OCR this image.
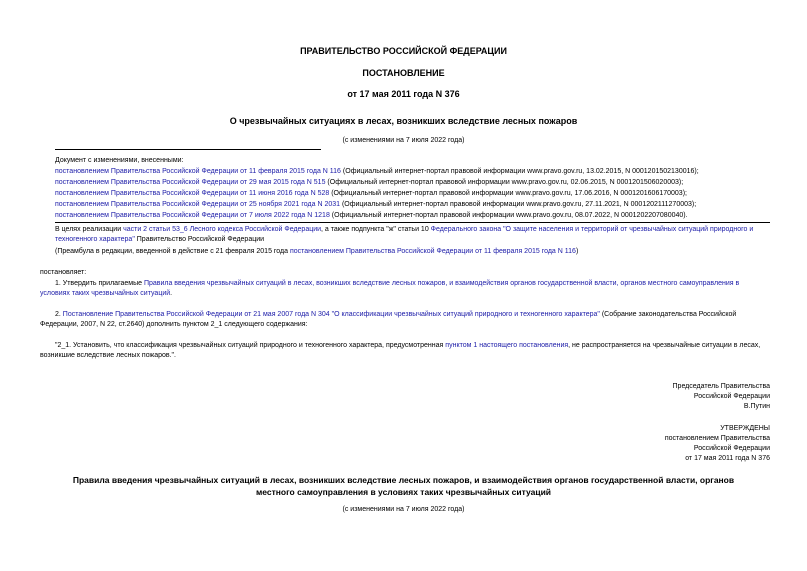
ПРАВИТЕЛЬСТВО РОССИЙСКОЙ ФЕДЕРАЦИИ
ПОСТАНОВЛЕНИЕ
от 17 мая 2011 года N 376
О чрезвычайных ситуациях в лесах, возникших вследствие лесных пожаров
(с изменениями на 7 июля 2022 года)
Документ с изменениями, внесенными:
постановлением Правительства Российской Федерации от 11 февраля 2015 года N 116 (Официальный интернет-портал правовой информации www.pravo.gov.ru, 13.02.2015, N 0001201502130016);
постановлением Правительства Российской Федерации от 29 мая 2015 года N 515 (Официальный интернет-портал правовой информации www.pravo.gov.ru, 02.06.2015, N 0001201506020003);
постановлением Правительства Российской Федерации от 11 июня 2016 года N 528 (Официальный интернет-портал правовой информации www.pravo.gov.ru, 17.06.2016, N 0001201606170003);
постановлением Правительства Российской Федерации от 25 ноября 2021 года N 2031 (Официальный интернет-портал правовой информации www.pravo.gov.ru, 27.11.2021, N 0001202111270003);
постановлением Правительства Российской Федерации от 7 июля 2022 года N 1218 (Официальный интернет-портал правовой информации www.pravo.gov.ru, 08.07.2022, N 0001202207080040).
В целях реализации части 2 статьи 53_6 Лесного кодекса Российской Федерации, а также подпункта "ж" статьи 10 Федерального закона "О защите населения и территорий от чрезвычайных ситуаций природного и техногенного характера" Правительство Российской Федерации
(Преамбула в редакции, введенной в действие с 21 февраля 2015 года постановлением Правительства Российской Федерации от 11 февраля 2015 года N 116)
постановляет:
1. Утвердить прилагаемые Правила введения чрезвычайных ситуаций в лесах, возникших вследствие лесных пожаров, и взаимодействия органов государственной власти, органов местного самоуправления в условиях таких чрезвычайных ситуаций.
2. Постановление Правительства Российской Федерации от 21 мая 2007 года N 304 "О классификации чрезвычайных ситуаций природного и техногенного характера" (Собрание законодательства Российской Федерации, 2007, N 22, ст.2640) дополнить пунктом 2_1 следующего содержания:
"2_1. Установить, что классификация чрезвычайных ситуаций природного и техногенного характера, предусмотренная пунктом 1 настоящего постановления, не распространяется на чрезвычайные ситуации в лесах, возникшие вследствие лесных пожаров.".
Председатель Правительства
Российской Федерации
В.Путин
УТВЕРЖДЕНЫ
постановлением Правительства
Российской Федерации
от 17 мая 2011 года N 376
Правила введения чрезвычайных ситуаций в лесах, возникших вследствие лесных пожаров, и взаимодействия органов государственной власти, органов
местного самоуправления в условиях таких чрезвычайных ситуаций
(с изменениями на 7 июля 2022 года)
